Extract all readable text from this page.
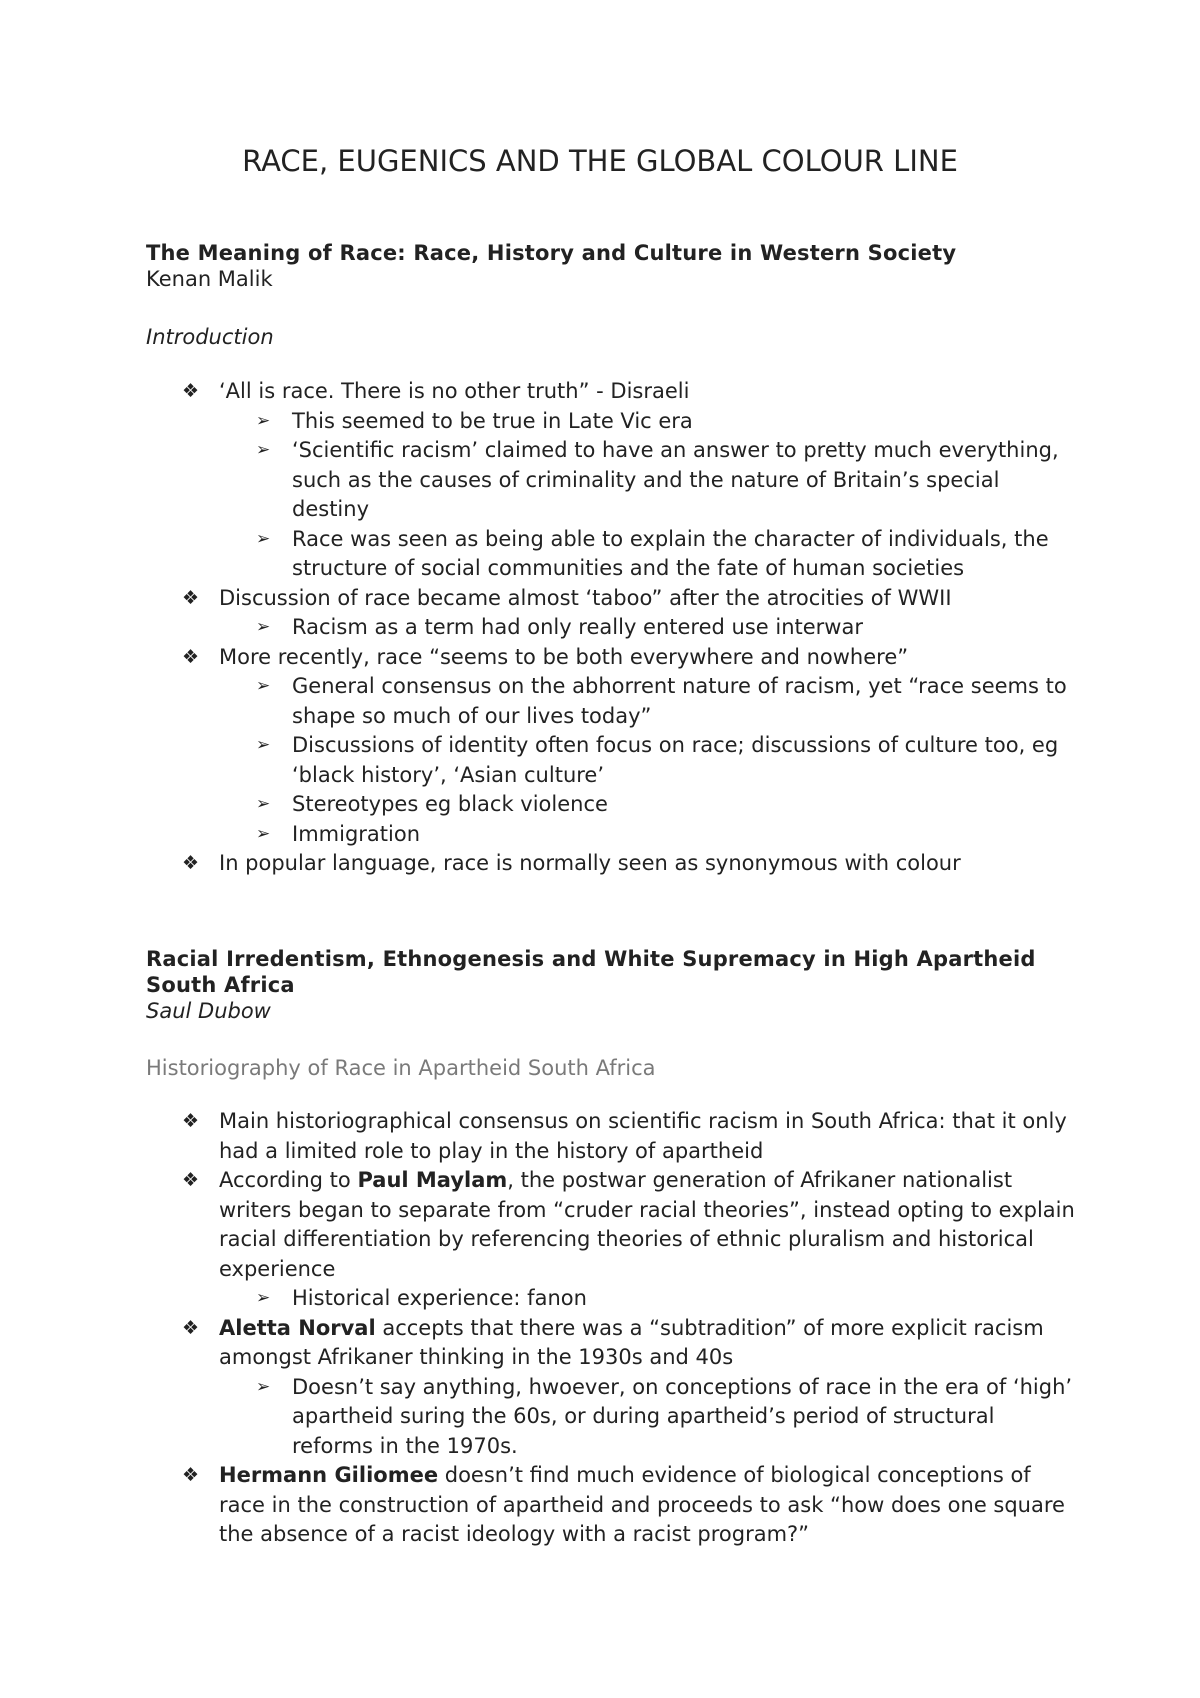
RACE, EUGENICS AND THE GLOBAL COLOUR LINE
The Meaning of Race: Race, History and Culture in Western Society

Kenan Malik

Introduction

❖ ‘All is race. There is no other truth” - Disraeli
➢ This seemed to be true in Late Vic era
➢ ‘Scientific racism’ claimed to have an answer to pretty much everything, such as the causes of criminality and the nature of Britain’s special destiny
➢ Race was seen as being able to explain the character of individuals, the structure of social communities and the fate of human societies
❖ Discussion of race became almost ‘taboo” after the atrocities of WWII
➢ Racism as a term had only really entered use interwar
❖ More recently, race “seems to be both everywhere and nowhere”
➢ General consensus on the abhorrent nature of racism, yet “race seems to shape so much of our lives today”
➢ Discussions of identity often focus on race; discussions of culture too, eg ‘black history’, ‘Asian culture’
➢ Stereotypes eg black violence
➢ Immigration
❖ In popular language, race is normally seen as synonymous with colour
Racial Irredentism, Ethnogenesis and White Supremacy in High Apartheid South Africa

Saul Dubow

Historiography of Race in Apartheid South Africa

❖ Main historiographical consensus on scientific racism in South Africa: that it only had a limited role to play in the history of apartheid
❖ According to Paul Maylam, the postwar generation of Afrikaner nationalist writers began to separate from “cruder racial theories”, instead opting to explain racial differentiation by referencing theories of ethnic pluralism and historical experience
➢ Historical experience: fanon
❖ Aletta Norval accepts that there was a “subtradition” of more explicit racism amongst Afrikaner thinking in the 1930s and 40s
➢ Doesn’t say anything, hwoever, on conceptions of race in the era of ‘high’ apartheid suring the 60s, or during apartheid’s period of structural reforms in the 1970s.
❖ Hermann Giliomee doesn’t find much evidence of biological conceptions of race in the construction of apartheid and proceeds to ask “how does one square the absence of a racist ideology with a racist program?”
